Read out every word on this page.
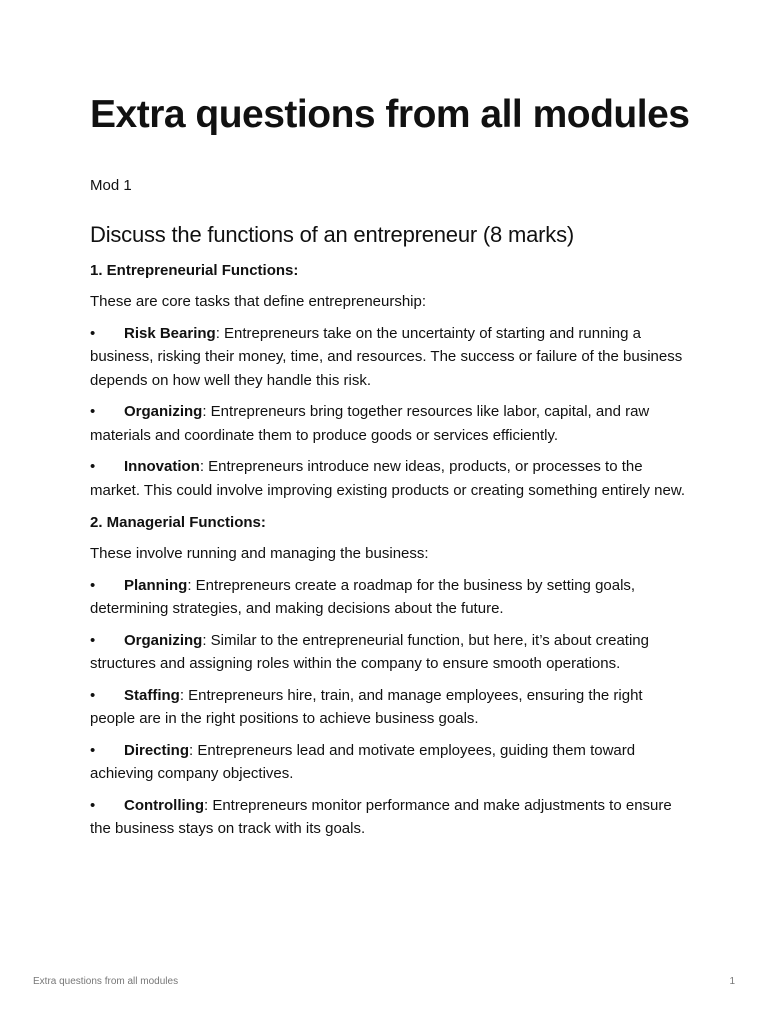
Extra questions from all modules

Mod 1

Discuss the functions of an entrepreneur (8 marks)

1. Entrepreneurial Functions:

These are core tasks that define entrepreneurship:

• Risk Bearing: Entrepreneurs take on the uncertainty of starting and running a business, risking their money, time, and resources. The success or failure of the business depends on how well they handle this risk.

• Organizing: Entrepreneurs bring together resources like labor, capital, and raw materials and coordinate them to produce goods or services efficiently.

• Innovation: Entrepreneurs introduce new ideas, products, or processes to the market. This could involve improving existing products or creating something entirely new.

2. Managerial Functions:

These involve running and managing the business:

• Planning: Entrepreneurs create a roadmap for the business by setting goals, determining strategies, and making decisions about the future.

• Organizing: Similar to the entrepreneurial function, but here, it’s about creating structures and assigning roles within the company to ensure smooth operations.

• Staffing: Entrepreneurs hire, train, and manage employees, ensuring the right people are in the right positions to achieve business goals.

• Directing: Entrepreneurs lead and motivate employees, guiding them toward achieving company objectives.

• Controlling: Entrepreneurs monitor performance and make adjustments to ensure the business stays on track with its goals.

Extra questions from all modules	1
